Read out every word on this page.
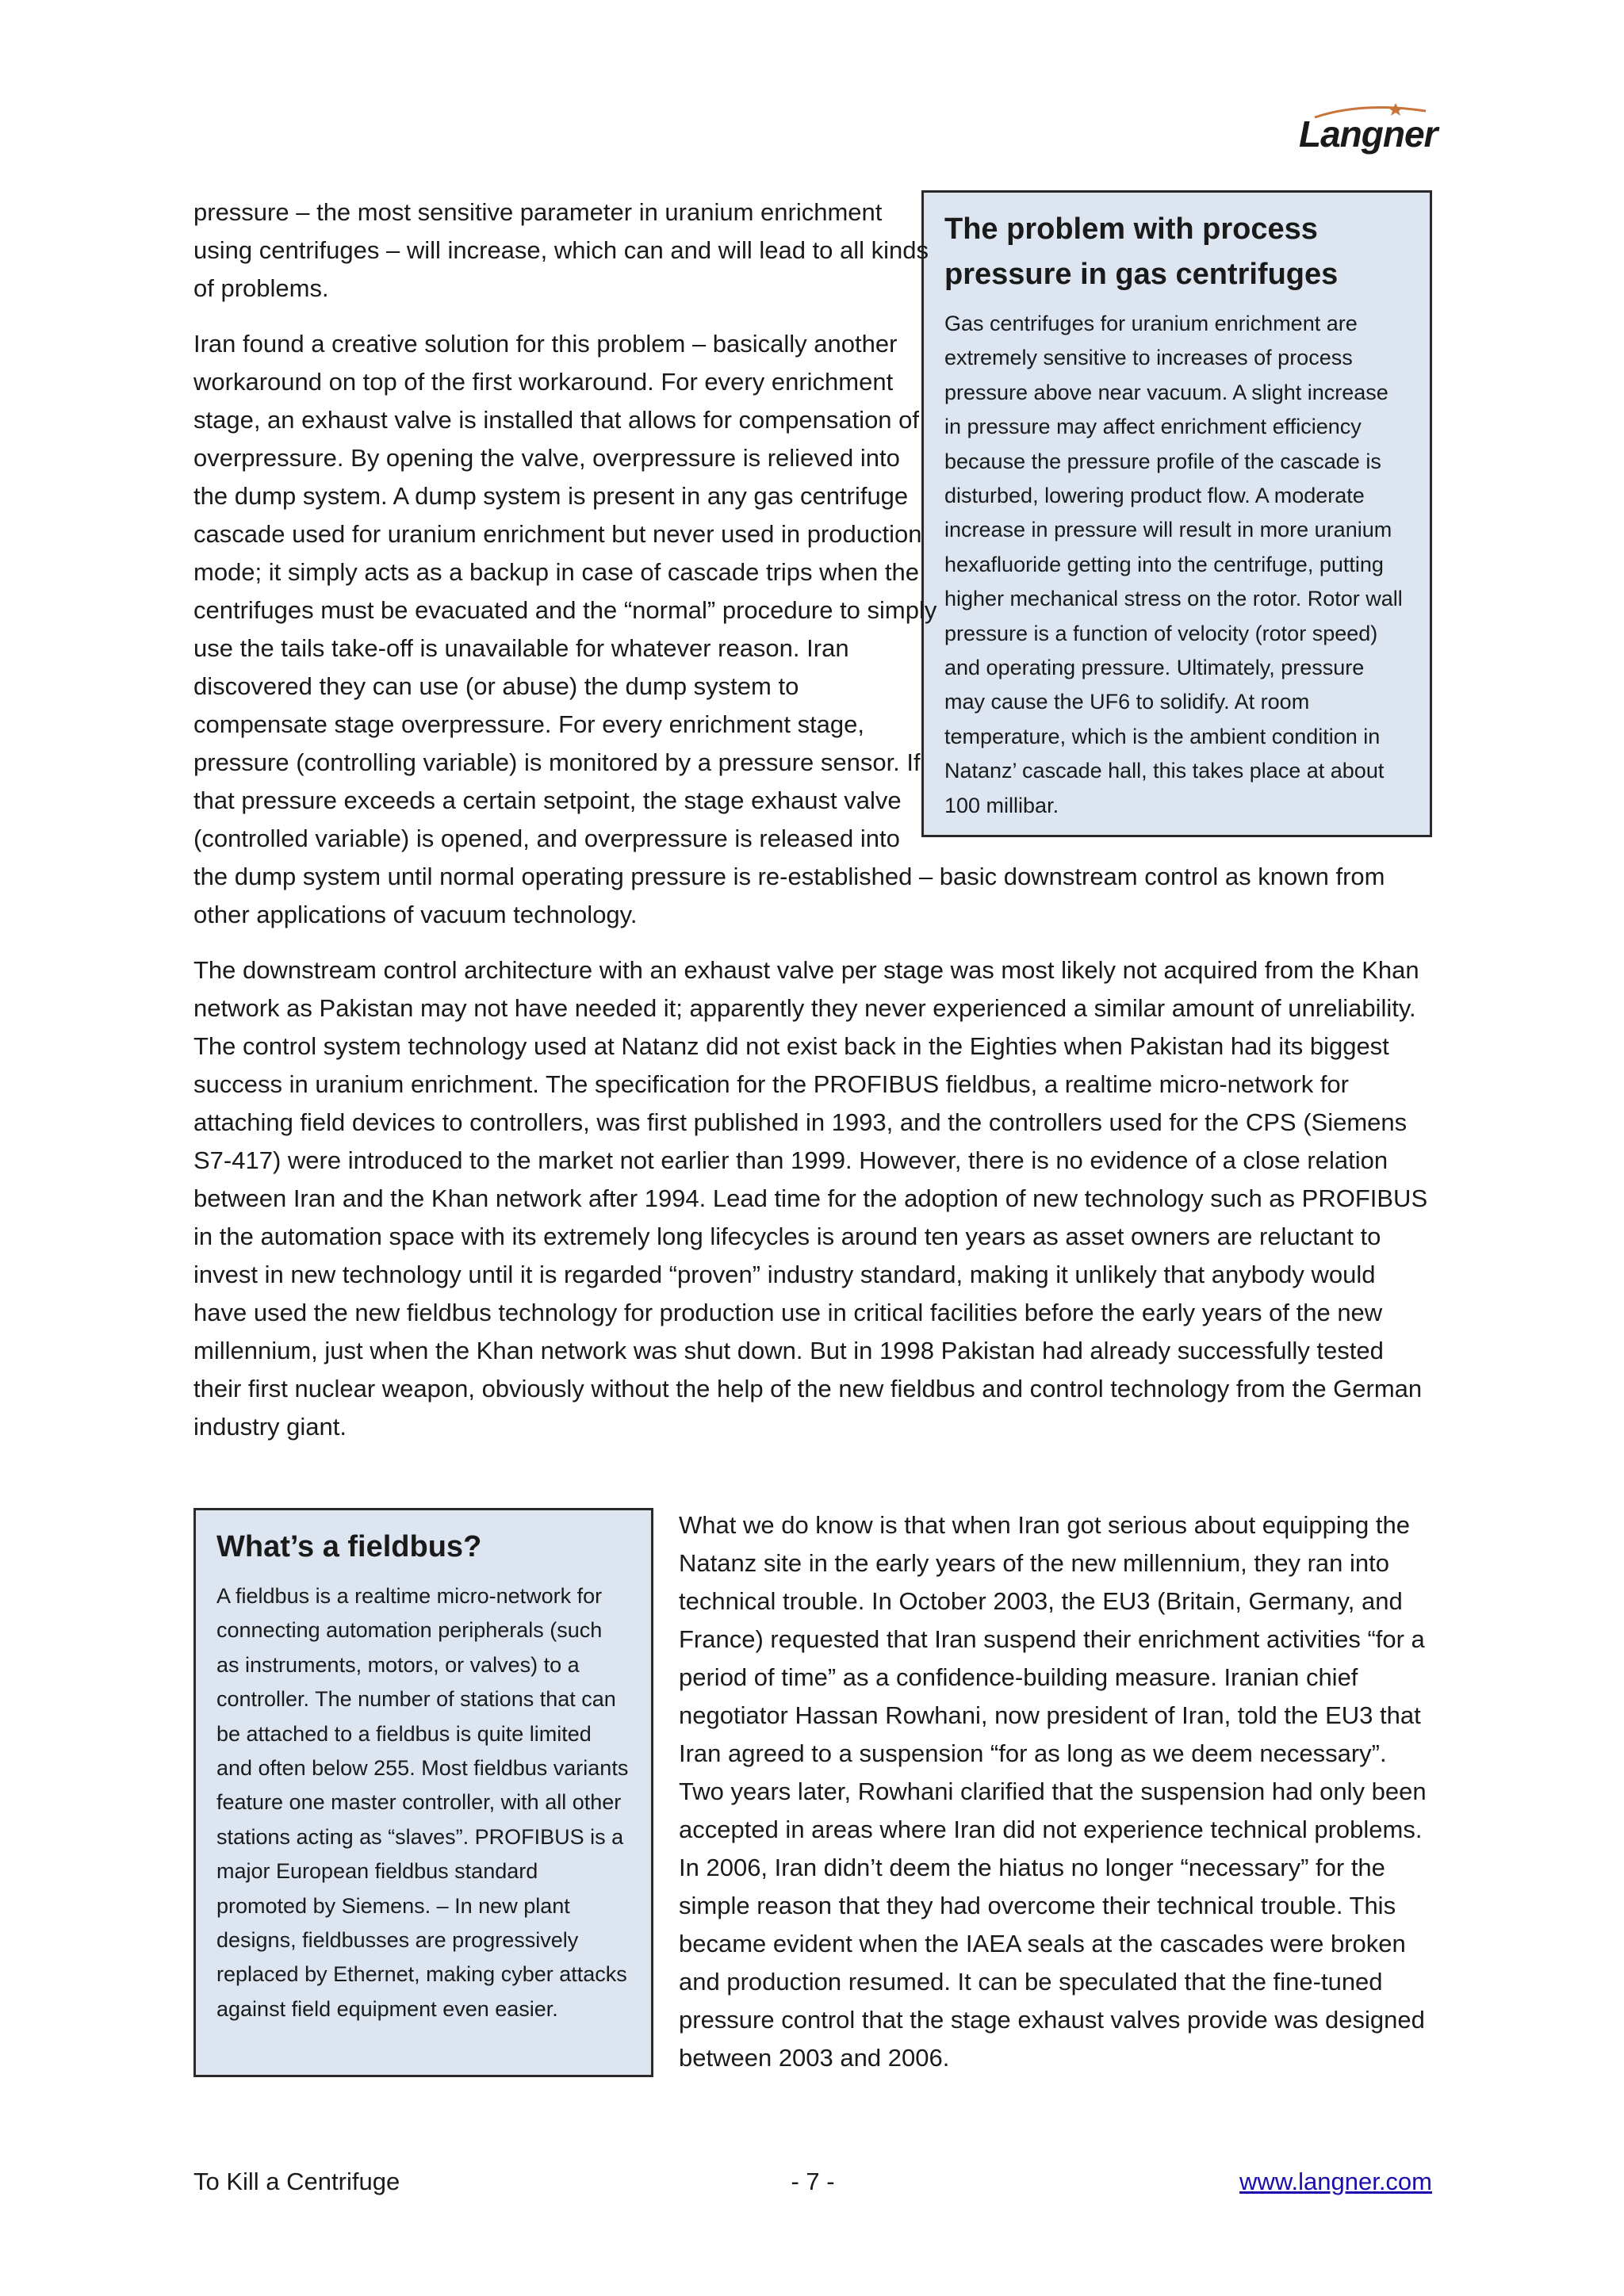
Langner
The problem with process pressure in gas centrifuges
Gas centrifuges for uranium enrichment are extremely sensitive to increases of process pressure above near vacuum. A slight increase in pressure may affect enrichment efficiency because the pressure profile of the cascade is disturbed, lowering product flow. A moderate increase in pressure will result in more uranium hexafluoride getting into the centrifuge, putting higher mechanical stress on the rotor. Rotor wall pressure is a function of velocity (rotor speed) and operating pressure. Ultimately, pressure may cause the UF6 to solidify. At room temperature, which is the ambient condition in Natanz’ cascade hall, this takes place at about 100 millibar.

pressure – the most sensitive parameter in uranium enrichment using centrifuges – will increase, which can and will lead to all kinds of problems.

Iran found a creative solution for this problem – basically another workaround on top of the first workaround. For every enrichment stage, an exhaust valve is installed that allows for compensation of overpressure. By opening the valve, overpressure is relieved into the dump system. A dump system is present in any gas centrifuge cascade used for uranium enrichment but never used in production mode; it simply acts as a backup in case of cascade trips when the centrifuges must be evacuated and the “normal” procedure to simply use the tails take-off is unavailable for whatever reason. Iran discovered they can use (or abuse) the dump system to compensate stage overpressure. For every enrichment stage, pressure (controlling variable) is monitored by a pressure sensor. If that pressure exceeds a certain setpoint, the stage exhaust valve (controlled variable) is opened, and overpressure is released into the dump system until normal operating pressure is re-established – basic downstream control as known from other applications of vacuum technology.

The downstream control architecture with an exhaust valve per stage was most likely not acquired from the Khan network as Pakistan may not have needed it; apparently they never experienced a similar amount of unreliability. The control system technology used at Natanz did not exist back in the Eighties when Pakistan had its biggest success in uranium enrichment. The specification for the PROFIBUS fieldbus, a realtime micro-network for attaching field devices to controllers, was first published in 1993, and the controllers used for the CPS (Siemens S7-417) were introduced to the market not earlier than 1999. However, there is no evidence of a close relation between Iran and the Khan network after 1994. Lead time for the adoption of new technology such as PROFIBUS in the automation space with its extremely long lifecycles is around ten years as asset owners are reluctant to invest in new technology until it is regarded “proven” industry standard, making it unlikely that anybody would have used the new fieldbus technology for production use in critical facilities before the early years of the new millennium, just when the Khan network was shut down. But in 1998 Pakistan had already successfully tested their first nuclear weapon, obviously without the help of the new fieldbus and control technology from the German industry giant.

What’s a fieldbus?
A fieldbus is a realtime micro-network for connecting automation peripherals (such as instruments, motors, or valves) to a controller. The number of stations that can be attached to a fieldbus is quite limited and often below 255. Most fieldbus variants feature one master controller, with all other stations acting as “slaves”. PROFIBUS is a major European fieldbus standard promoted by Siemens. – In new plant designs, fieldbusses are progressively replaced by Ethernet, making cyber attacks against field equipment even easier.

What we do know is that when Iran got serious about equipping the Natanz site in the early years of the new millennium, they ran into technical trouble. In October 2003, the EU3 (Britain, Germany, and France) requested that Iran suspend their enrichment activities “for a period of time” as a confidence-building measure. Iranian chief negotiator Hassan Rowhani, now president of Iran, told the EU3 that Iran agreed to a suspension “for as long as we deem necessary”. Two years later, Rowhani clarified that the suspension had only been accepted in areas where Iran did not experience technical problems. In 2006, Iran didn’t deem the hiatus no longer “necessary” for the simple reason that they had overcome their technical trouble. This became evident when the IAEA seals at the cascades were broken and production resumed. It can be speculated that the fine-tuned pressure control that the stage exhaust valves provide was designed between 2003 and 2006.

To Kill a Centrifuge	- 7 -	www.langner.com
